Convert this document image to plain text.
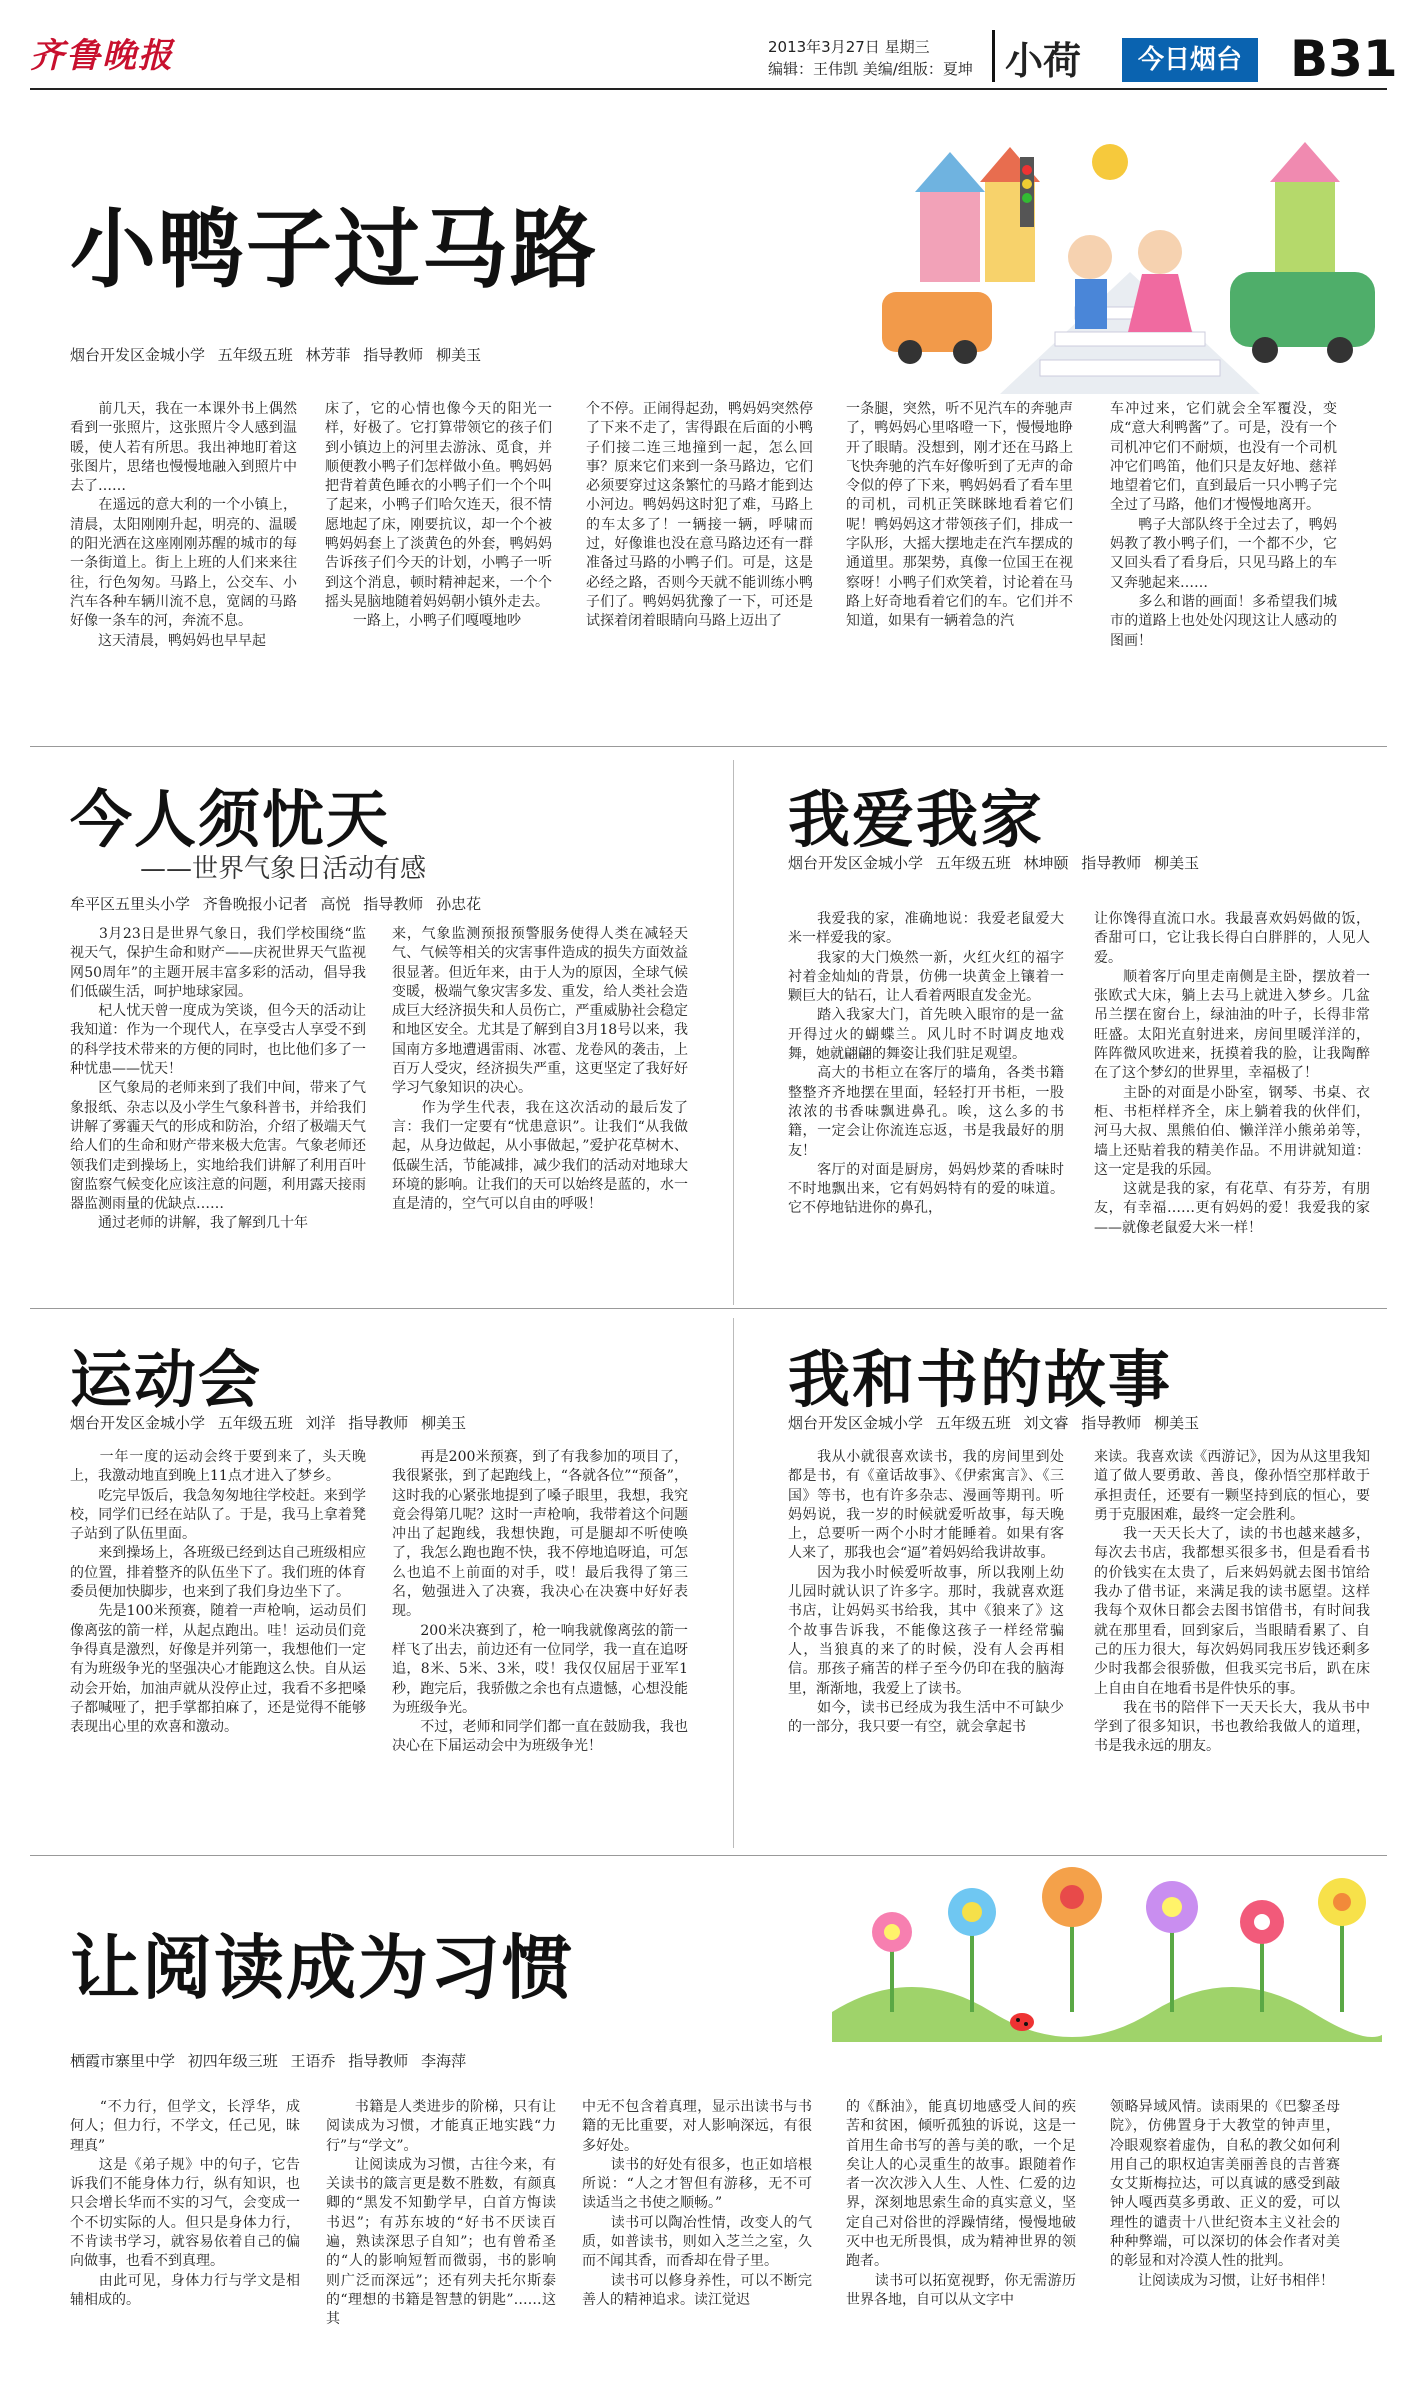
齐鲁晚报	2013年3月27日 星期三
编辑：王伟凯 美编/组版：夏坤 小荷	今日烟台 B31
小鸭子过马路
烟台开发区金城小学 五年级五班 林芳菲 指导教师 柳美玉
　　前几天，我在一本课外书上偶然看到一张照片，这张照片令人感到温暖，使人若有所思。我出神地盯着这张图片，思绪也慢慢地融入到照片中去了……
　　在遥远的意大利的一个小镇上，清晨，太阳刚刚升起，明亮的、温暖的阳光洒在这座刚刚苏醒的城市的每一条街道上。街上上班的人们来来往往，行色匆匆。马路上，公交车、小汽车各种车辆川流不息，宽阔的马路好像一条车的河，奔流不息。
　　这天清晨，鸭妈妈也早早起
床了，它的心情也像今天的阳光一样，好极了。它打算带领它的孩子们到小镇边上的河里去游泳、觅食，并顺便教小鸭子们怎样做小鱼。鸭妈妈把背着黄色睡衣的小鸭子们一个个叫了起来，小鸭子们哈欠连天，很不情愿地起了床，刚要抗议，却一个个被鸭妈妈套上了淡黄色的外套，鸭妈妈告诉孩子们今天的计划，小鸭子一听到这个消息，顿时精神起来，一个个摇头晃脑地随着妈妈朝小镇外走去。
　　一路上，小鸭子们嘎嘎地吵
个不停。正闹得起劲，鸭妈妈突然停了下来不走了，害得跟在后面的小鸭子们接二连三地撞到一起，怎么回事？原来它们来到一条马路边，它们必须要穿过这条繁忙的马路才能到达小河边。鸭妈妈这时犯了难，马路上的车太多了！一辆接一辆，呼啸而过，好像谁也没在意马路边还有一群准备过马路的小鸭子们。可是，这是必经之路，否则今天就不能训练小鸭子们了。鸭妈妈犹豫了一下，可还是试探着闭着眼睛向马路上迈出了
一条腿，突然，听不见汽车的奔驰声了，鸭妈妈心里咯噔一下，慢慢地睁开了眼睛。没想到，刚才还在马路上飞快奔驰的汽车好像听到了无声的命令似的停了下来，鸭妈妈看了看车里的司机，司机正笑眯眯地看着它们呢！鸭妈妈这才带领孩子们，排成一字队形，大摇大摆地走在汽车摆成的通道里。那架势，真像一位国王在视察呀！小鸭子们欢笑着，讨论着在马路上好奇地看着它们的车。它们并不知道，如果有一辆着急的汽
车冲过来，它们就会全军覆没，变成“意大利鸭酱”了。可是，没有一个司机冲它们不耐烦，也没有一个司机冲它们鸣笛，他们只是友好地、慈祥地望着它们，直到最后一只小鸭子完全过了马路，他们才慢慢地离开。
　　鸭子大部队终于全过去了，鸭妈妈教了教小鸭子们，一个都不少，它又回头看了看身后，只见马路上的车又奔驰起来……
　　多么和谐的画面！多希望我们城市的道路上也处处闪现这让人感动的图画！
今人须忧天
——世界气象日活动有感
牟平区五里头小学 齐鲁晚报小记者 高悦 指导教师 孙忠花
　　3月23日是世界气象日，我们学校围绕“监视天气，保护生命和财产——庆祝世界天气监视网50周年”的主题开展丰富多彩的活动，倡导我们低碳生活，呵护地球家园。
　　杞人忧天曾一度成为笑谈，但今天的活动让我知道：作为一个现代人，在享受古人享受不到的科学技术带来的方便的同时，也比他们多了一种忧患——忧天！
　　区气象局的老师来到了我们中间，带来了气象报纸、杂志以及小学生气象科普书，并给我们讲解了雾霾天气的形成和防治，介绍了极端天气给人们的生命和财产带来极大危害。气象老师还领我们走到操场上，实地给我们讲解了利用百叶窗监察气候变化应该注意的问题，利用露天接雨器监测雨量的优缺点……
　　通过老师的讲解，我了解到几十年
来，气象监测预报预警服务使得人类在减轻天气、气候等相关的灾害事件造成的损失方面效益很显著。但近年来，由于人为的原因，全球气候变暖，极端气象灾害多发、重发，给人类社会造成巨大经济损失和人员伤亡，严重威胁社会稳定和地区安全。尤其是了解到自3月18号以来，我国南方多地遭遇雷雨、冰雹、龙卷风的袭击，上百万人受灾，经济损失严重，这更坚定了我好好学习气象知识的决心。
　　作为学生代表，我在这次活动的最后发了言：我们一定要有“忧患意识”。让我们“从我做起，从身边做起，从小事做起，”爱护花草树木、低碳生活，节能减排，减少我们的活动对地球大环境的影响。让我们的天可以始终是蓝的，水一直是清的，空气可以自由的呼吸！
我爱我家
烟台开发区金城小学 五年级五班 林坤颐 指导教师 柳美玉
　　我爱我的家，准确地说：我爱老鼠爱大米一样爱我的家。
　　我家的大门焕然一新，火红火红的福字衬着金灿灿的背景，仿佛一块黄金上镶着一颗巨大的钻石，让人看着两眼直发金光。
　　踏入我家大门，首先映入眼帘的是一盆开得过火的蝴蝶兰。风儿时不时调皮地戏舞，她就翩翩的舞姿让我们驻足观望。
　　高大的书柜立在客厅的墙角，各类书籍整整齐齐地摆在里面，轻轻打开书柜，一股浓浓的书香味飘进鼻孔。唉，这么多的书籍，一定会让你流连忘返，书是我最好的朋友！
　　客厅的对面是厨房，妈妈炒菜的香味时不时地飘出来，它有妈妈特有的爱的味道。它不停地钻进你的鼻孔，
让你馋得直流口水。我最喜欢妈妈做的饭，香甜可口，它让我长得白白胖胖的，人见人爱。
　　顺着客厅向里走南侧是主卧，摆放着一张欧式大床，躺上去马上就进入梦乡。几盆吊兰摆在窗台上，绿油油的叶子，长得非常旺盛。太阳光直射进来，房间里暖洋洋的，阵阵微风吹进来，抚摸着我的脸，让我陶醉在了这个梦幻的世界里，幸福极了！
　　主卧的对面是小卧室，钢琴、书桌、衣柜、书柜样样齐全，床上躺着我的伙伴们，河马大叔、黑熊伯伯、懒洋洋小熊弟弟等，墙上还贴着我的精美作品。不用讲就知道：这一定是我的乐园。
　　这就是我的家，有花草、有芬芳，有朋友，有幸福……更有妈妈的爱！我爱我的家——就像老鼠爱大米一样！
运动会
烟台开发区金城小学 五年级五班 刘洋 指导教师 柳美玉
　　一年一度的运动会终于要到来了，头天晚上，我激动地直到晚上11点才进入了梦乡。
　　吃完早饭后，我急匆匆地往学校赶。来到学校，同学们已经在站队了。于是，我马上拿着凳子站到了队伍里面。
　　来到操场上，各班级已经到达自己班级相应的位置，排着整齐的队伍坐下了。我们班的体育委员便加快脚步，也来到了我们身边坐下了。
　　先是100米预赛，随着一声枪响，运动员们像离弦的箭一样，从起点跑出。哇！运动员们竞争得真是激烈，好像是并列第一，我想他们一定有为班级争光的坚强决心才能跑这么快。自从运动会开始，加油声就从没停止过，我看不多把嗓子都喊哑了，把手掌都拍麻了，还是觉得不能够表现出心里的欢喜和激动。
　　再是200米预赛，到了有我参加的项目了，我很紧张，到了起跑线上，“各就各位”“预备”，这时我的心紧张地提到了嗓子眼里，我想，我究竟会得第几呢？这时一声枪响，我带着这个问题冲出了起跑线，我想快跑，可是腿却不听使唤了，我怎么跑也跑不快，我不停地追呀追，可怎么也追不上前面的对手，哎！最后我得了第三名，勉强进入了决赛，我决心在决赛中好好表现。
　　200米决赛到了，枪一响我就像离弦的箭一样飞了出去，前边还有一位同学，我一直在追呀追，8米、5米、3米，哎！我仅仅屈居于亚军1秒，跑完后，我骄傲之余也有点遗憾，心想没能为班级争光。
　　不过，老师和同学们都一直在鼓励我，我也决心在下届运动会中为班级争光！
我和书的故事
烟台开发区金城小学 五年级五班 刘文睿 指导教师 柳美玉
　　我从小就很喜欢读书，我的房间里到处都是书，有《童话故事》、《伊索寓言》、《三国》等书，也有许多杂志、漫画等期刊。听妈妈说，我一岁的时候就爱听故事，每天晚上，总要听一两个小时才能睡着。如果有客人来了，那我也会“逼”着妈妈给我讲故事。
　　因为我小时候爱听故事，所以我刚上幼儿园时就认识了许多字。那时，我就喜欢逛书店，让妈妈买书给我，其中《狼来了》这个故事告诉我，不能像这孩子一样经常骗人，当狼真的来了的时候，没有人会再相信。那孩子痛苦的样子至今仍印在我的脑海里，渐渐地，我爱上了读书。
　　如今，读书已经成为我生活中不可缺少的一部分，我只要一有空，就会拿起书
来读。我喜欢读《西游记》，因为从这里我知道了做人要勇敢、善良，像孙悟空那样敢于承担责任，还要有一颗坚持到底的恒心，要勇于克服困难，最终一定会胜利。
　　我一天天长大了，读的书也越来越多，每次去书店，我都想买很多书，但是看看书的价钱实在太贵了，后来妈妈就去图书馆给我办了借书证，来满足我的读书愿望。这样我每个双休日都会去图书馆借书，有时间我就在那里看，回到家后，当眼睛看累了、自己的压力很大，每次妈妈同我压岁钱还剩多少时我都会很骄傲，但我买完书后，趴在床上自由自在地看书是件快乐的事。
　　我在书的陪伴下一天天长大，我从书中学到了很多知识，书也教给我做人的道理，书是我永远的朋友。
让阅读成为习惯
栖霞市寨里中学 初四年级三班 王语乔 指导教师 李海萍
　　“不力行，但学文，长浮华，成何人；但力行，不学文，任己见，昧理真”
　　这是《弟子规》中的句子，它告诉我们不能身体力行，纵有知识，也只会增长华而不实的习气，会变成一个不切实际的人。但只是身体力行，不肯读书学习，就容易依着自己的偏向做事，也看不到真理。
　　由此可见，身体力行与学文是相辅相成的。
　　书籍是人类进步的阶梯，只有让阅读成为习惯，才能真正地实践“力行”与“学文”。
　　让阅读成为习惯，古往今来，有关读书的箴言更是数不胜数，有颜真卿的“黑发不知勤学早，白首方悔读书迟”；有苏东坡的“好书不厌读百遍，熟读深思子自知”；也有曾希圣的“人的影响短暂而微弱，书的影响则广泛而深远”；还有列夫托尔斯泰的“理想的书籍是智慧的钥匙”……这其
中无不包含着真理，显示出读书与书籍的无比重要，对人影响深远，有很多好处。
　　读书的好处有很多，也正如培根所说：“人之才智但有游移，无不可读适当之书使之顺畅。”
　　读书可以陶冶性情，改变人的气质，如普读书，则如入芝兰之室，久而不闻其香，而香却在骨子里。
　　读书可以修身养性，可以不断完善人的精神追求。读江觉迟
的《酥油》，能真切地感受人间的疾苦和贫困，倾听孤独的诉说，这是一首用生命书写的善与美的歌，一个足矣让人的心灵重生的故事。跟随着作者一次次涉入人生、人性、仁爱的边界，深刻地思索生命的真实意义，坚定自己对俗世的浮躁情绪，慢慢地破灭中也无所畏惧，成为精神世界的领跑者。
　　读书可以拓宽视野，你无需游历世界各地，自可以从文字中
领略异域风情。读雨果的《巴黎圣母院》，仿佛置身于大教堂的钟声里，冷眼观察着虚伪，自私的教父如何利用自己的职权迫害美丽善良的吉普赛女艾斯梅拉达，可以真诚的感受到敲钟人嘎西莫多勇敢、正义的爱，可以理性的谴责十八世纪资本主义社会的种种弊端，可以深切的体会作者对美的彰显和对冷漠人性的批判。
　　让阅读成为习惯，让好书相伴！
